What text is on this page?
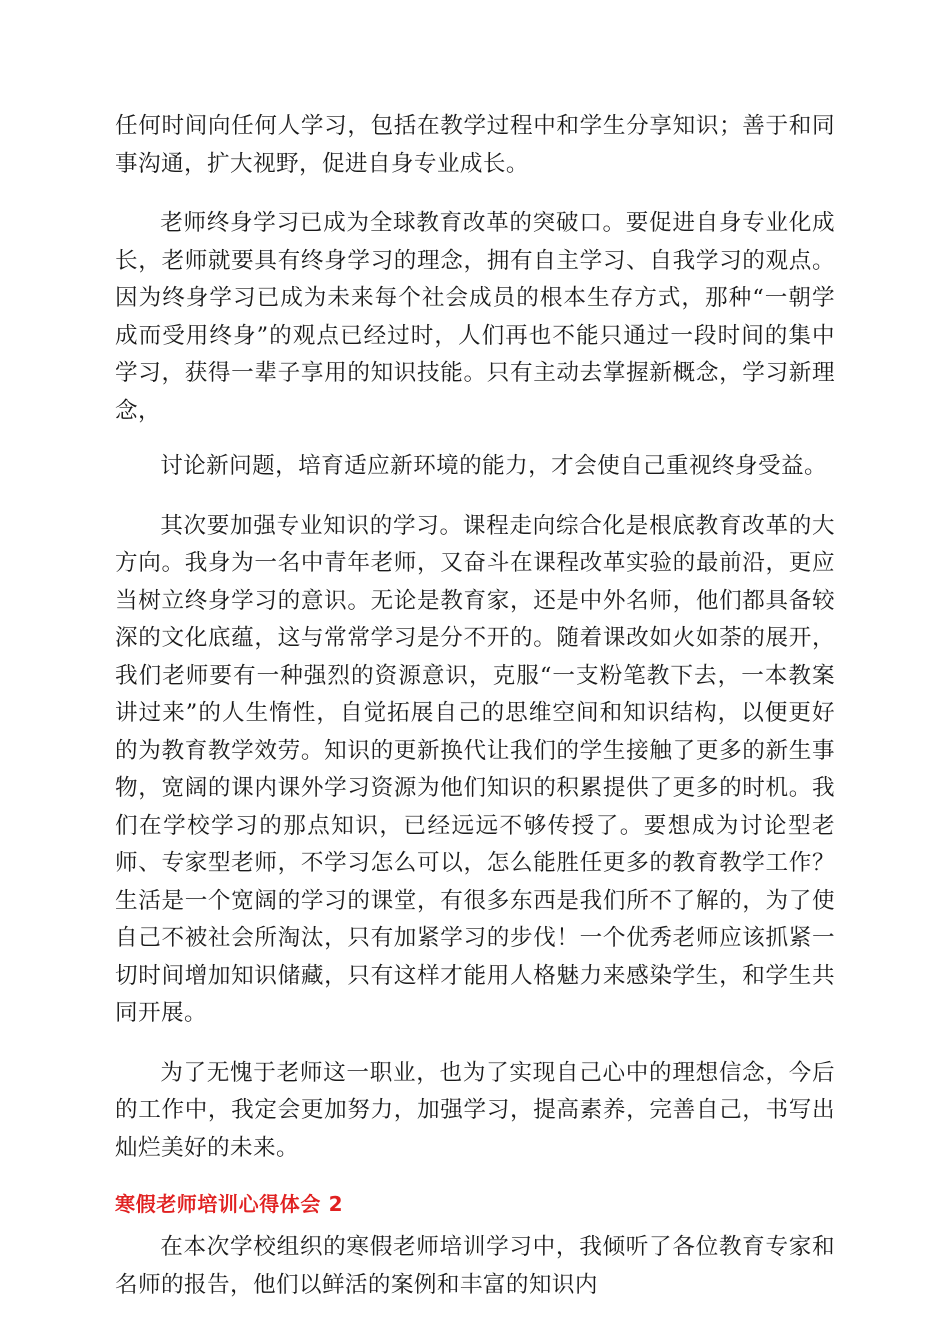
任何时间向任何人学习，包括在教学过程中和学生分享知识；善于和同事沟通，扩大视野，促进自身专业成长。

老师终身学习已成为全球教育改革的突破口。要促进自身专业化成长，老师就要具有终身学习的理念，拥有自主学习、自我学习的观点。因为终身学习已成为未来每个社会成员的根本生存方式，那种“一朝学成而受用终身”的观点已经过时，人们再也不能只通过一段时间的集中学习，获得一辈子享用的知识技能。只有主动去掌握新概念，学习新理念，

讨论新问题，培育适应新环境的能力，才会使自己重视终身受益。

其次要加强专业知识的学习。课程走向综合化是根底教育改革的大方向。我身为一名中青年老师，又奋斗在课程改革实验的最前沿，更应当树立终身学习的意识。无论是教育家，还是中外名师，他们都具备较深的文化底蕴，这与常常学习是分不开的。随着课改如火如荼的展开，我们老师要有一种强烈的资源意识，克服“一支粉笔教下去，一本教案讲过来”的人生惰性，自觉拓展自己的思维空间和知识结构，以便更好的为教育教学效劳。知识的更新换代让我们的学生接触了更多的新生事物，宽阔的课内课外学习资源为他们知识的积累提供了更多的时机。我们在学校学习的那点知识，已经远远不够传授了。要想成为讨论型老师、专家型老师，不学习怎么可以，怎么能胜任更多的教育教学工作？生活是一个宽阔的学习的课堂，有很多东西是我们所不了解的，为了使自己不被社会所淘汰，只有加紧学习的步伐！一个优秀老师应该抓紧一切时间增加知识储藏，只有这样才能用人格魅力来感染学生，和学生共同开展。

为了无愧于老师这一职业，也为了实现自己心中的理想信念，今后的工作中，我定会更加努力，加强学习，提高素养，完善自己，书写出灿烂美好的未来。

寒假老师培训心得体会 2

在本次学校组织的寒假老师培训学习中，我倾听了各位教育专家和名师的报告，他们以鲜活的案例和丰富的知识内
